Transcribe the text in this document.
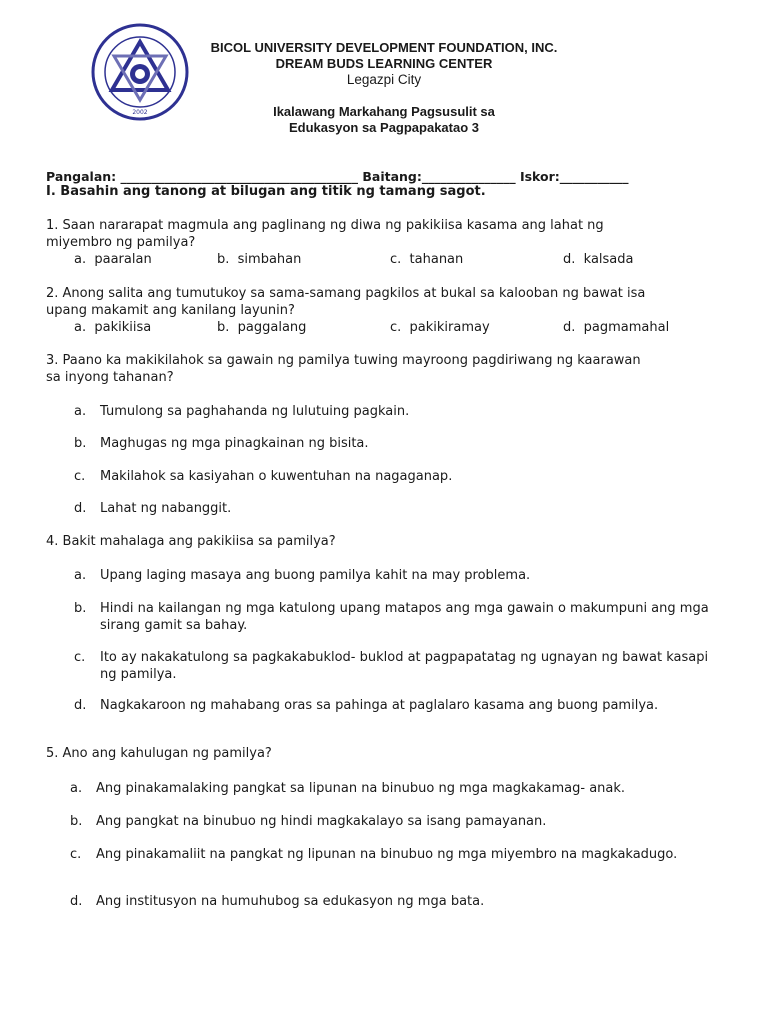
2002
BICOL UNIVERSITY DEVELOPMENT FOUNDATION, INC.
DREAM BUDS LEARNING CENTER
Legazpi City
Ikalawang Markahang Pagsusulit sa
Edukasyon sa Pagpapakatao 3
Pangalan: ______________________________________ Baitang:_______________ Iskor:___________
I. Basahin ang tanong at bilugan ang titik ng tamang sagot.
1. Saan nararapat magmula ang paglinang ng diwa ng pakikiisa kasama ang lahat ng
miyembro ng pamilya?
a. paaralan	b. simbahan	c. tahanan	d. kalsada
2. Anong salita ang tumutukoy sa sama-samang pagkilos at bukal sa kalooban ng bawat isa
upang makamit ang kanilang layunin?
a. pakikiisa	b. paggalang	c. pakikiramay	d. pagmamahal
3. Paano ka makikilahok sa gawain ng pamilya tuwing mayroong pagdiriwang ng kaarawan
sa inyong tahanan?
a. Tumulong sa paghahanda ng lulutuing pagkain.
b. Maghugas ng mga pinagkainan ng bisita.
c. Makilahok sa kasiyahan o kuwentuhan na nagaganap.
d. Lahat ng nabanggit.
4. Bakit mahalaga ang pakikiisa sa pamilya?
a. Upang laging masaya ang buong pamilya kahit na may problema.
b. Hindi na kailangan ng mga katulong upang matapos ang mga gawain o makumpuni ang mga sirang gamit sa bahay.
c. Ito ay nakakatulong sa pagkakabuklod- buklod at pagpapatatag ng ugnayan ng bawat kasapi ng pamilya.
d. Nagkakaroon ng mahabang oras sa pahinga at paglalaro kasama ang buong pamilya.
5. Ano ang kahulugan ng pamilya?
a. Ang pinakamalaking pangkat sa lipunan na binubuo ng mga magkakamag- anak.
b. Ang pangkat na binubuo ng hindi magkakalayo sa isang pamayanan.
c. Ang pinakamaliit na pangkat ng lipunan na binubuo ng mga miyembro na magkakadugo.
d. Ang institusyon na humuhubog sa edukasyon ng mga bata.
